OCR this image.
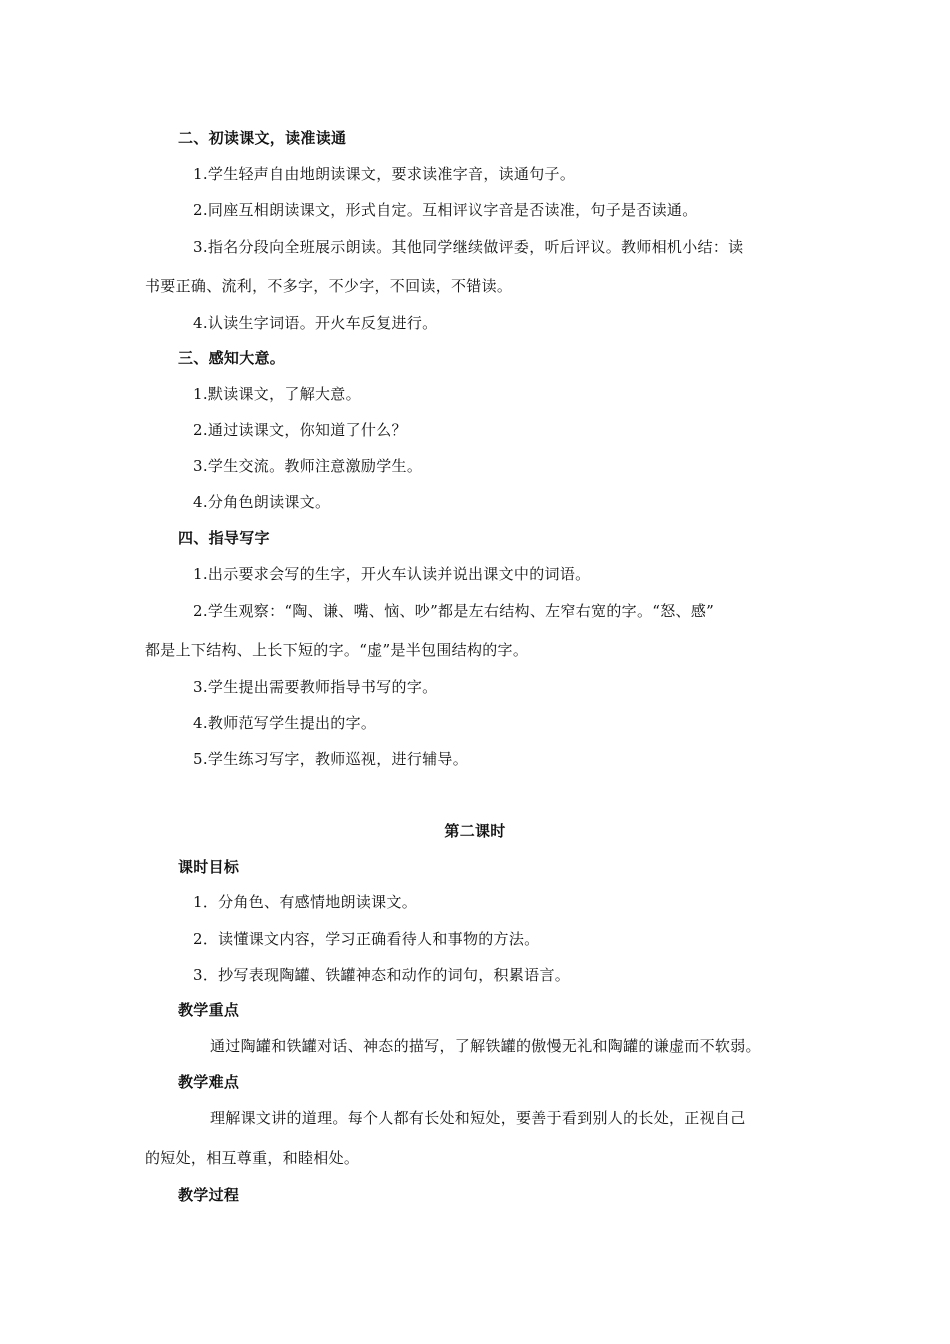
二、初读课文，读准读通
1.学生轻声自由地朗读课文，要求读准字音，读通句子。
2.同座互相朗读课文，形式自定。互相评议字音是否读准，句子是否读通。
3.指名分段向全班展示朗读。其他同学继续做评委，听后评议。教师相机小结：读
书要正确、流利，不多字，不少字，不回读，不错读。
4.认读生字词语。开火车反复进行。
三、感知大意。
1.默读课文，了解大意。
2.通过读课文，你知道了什么？
3.学生交流。教师注意激励学生。
4.分角色朗读课文。
四、指导写字
1.出示要求会写的生字，开火车认读并说出课文中的词语。
2.学生观察：“陶、谦、嘴、恼、吵”都是左右结构、左窄右宽的字。“怒、感”
都是上下结构、上长下短的字。“虚”是半包围结构的字。
3.学生提出需要教师指导书写的字。
4.教师范写学生提出的字。
5.学生练习写字，教师巡视，进行辅导。
第二课时
课时目标
1．分角色、有感情地朗读课文。
2．读懂课文内容，学习正确看待人和事物的方法。
3．抄写表现陶罐、铁罐神态和动作的词句，积累语言。
教学重点
通过陶罐和铁罐对话、神态的描写，了解铁罐的傲慢无礼和陶罐的谦虚而不软弱。
教学难点
理解课文讲的道理。每个人都有长处和短处，要善于看到别人的长处，正视自己
的短处，相互尊重，和睦相处。
教学过程
